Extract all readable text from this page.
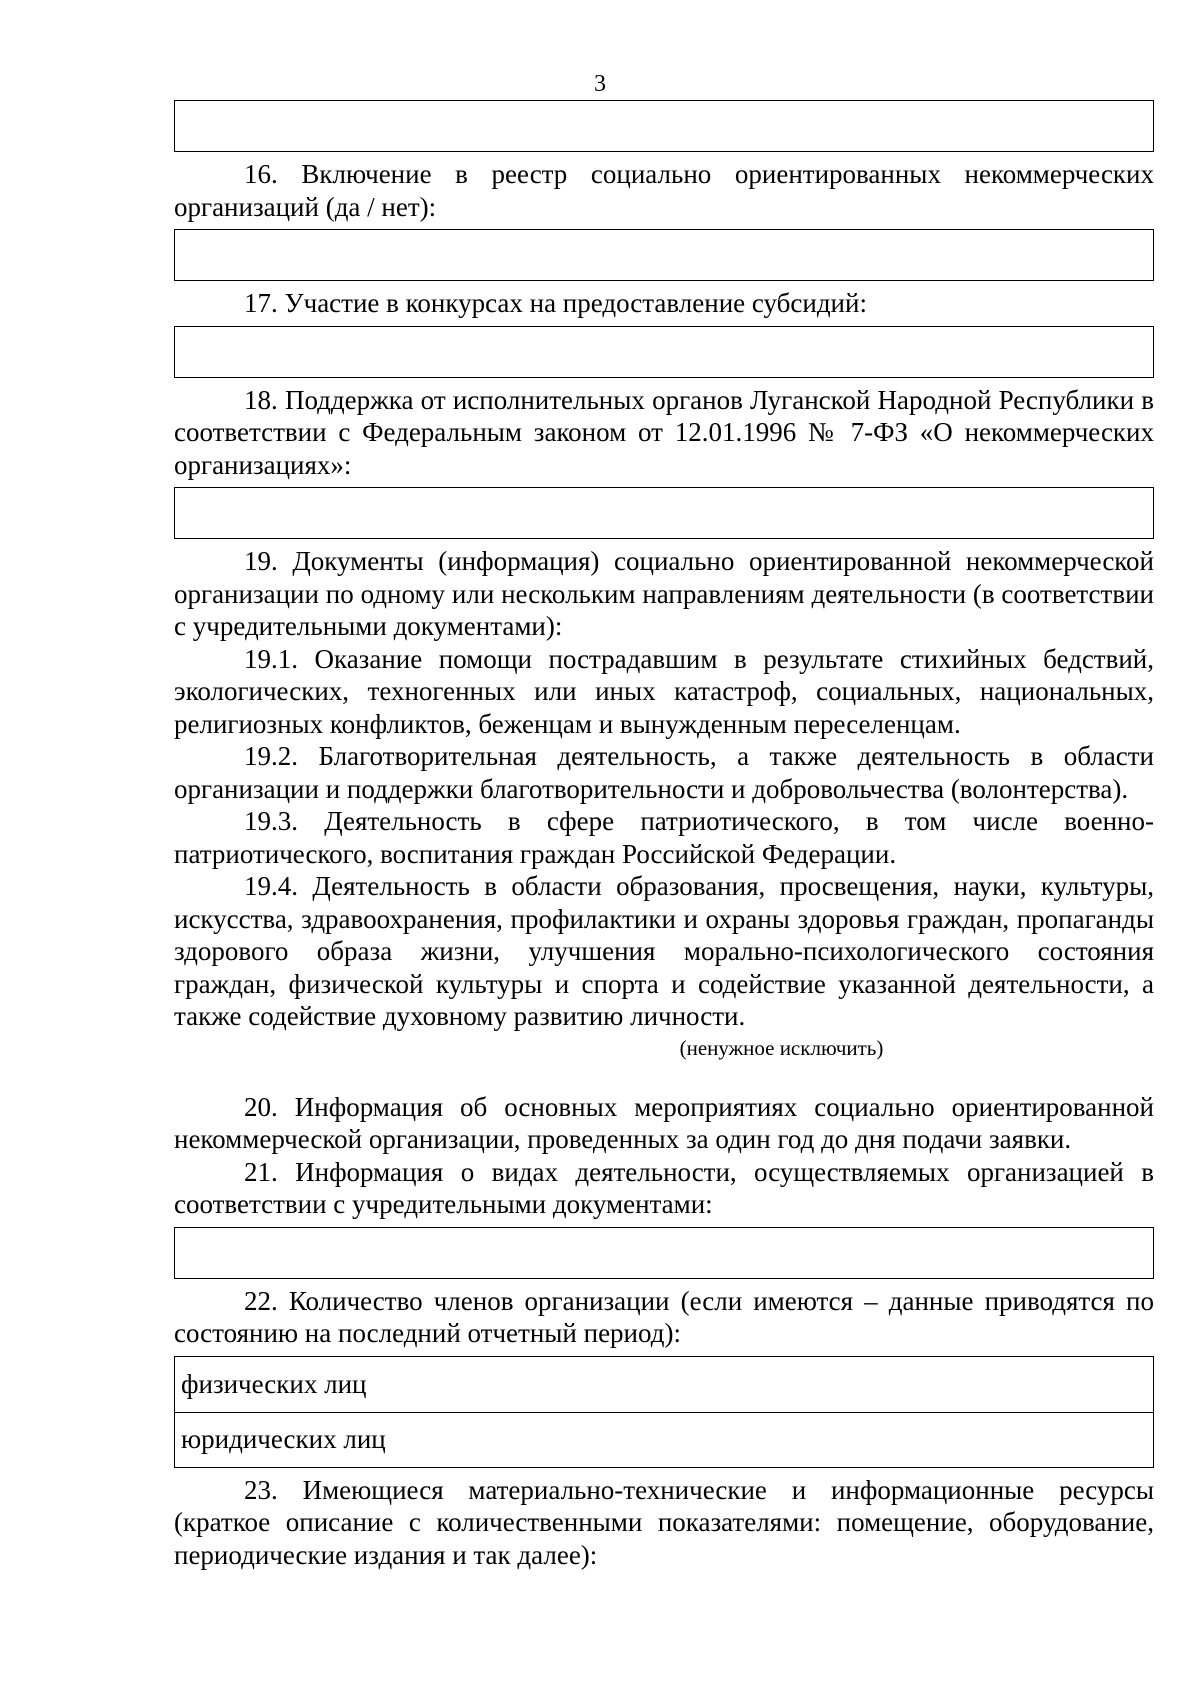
3

16. Включение в реестр социально ориентированных некоммерческих организаций (да / нет):

17. Участие в конкурсах на предоставление субсидий:

18. Поддержка от исполнительных органов Луганской Народной Республики в соответствии с Федеральным законом от 12.01.1996 № 7-ФЗ «О некоммерческих организациях»:

19. Документы (информация) социально ориентированной некоммерческой организации по одному или нескольким направлениям деятельности (в соответствии с учредительными документами):

19.1. Оказание помощи пострадавшим в результате стихийных бедствий, экологических, техногенных или иных катастроф, социальных, национальных, религиозных конфликтов, беженцам и вынужденным переселенцам.

19.2. Благотворительная деятельность, а также деятельность в области организации и поддержки благотворительности и добровольчества (волонтерства).

19.3. Деятельность в сфере патриотического, в том числе военно-патриотического, воспитания граждан Российской Федерации.

19.4. Деятельность в области образования, просвещения, науки, культуры, искусства, здравоохранения, профилактики и охраны здоровья граждан, пропаганды здорового образа жизни, улучшения морально-психологического состояния граждан, физической культуры и спорта и содействие указанной деятельности, а также содействие духовному развитию личности.

(ненужное исключить)

20. Информация об основных мероприятиях социально ориентированной некоммерческой организации, проведенных за один год до дня подачи заявки.

21. Информация о видах деятельности, осуществляемых организацией в соответствии с учредительными документами:

22. Количество членов организации (если имеются – данные приводятся по состоянию на последний отчетный период):

физических лиц
юридических лиц

23. Имеющиеся материально-технические и информационные ресурсы (краткое описание с количественными показателями: помещение, оборудование, периодические издания и так далее):
